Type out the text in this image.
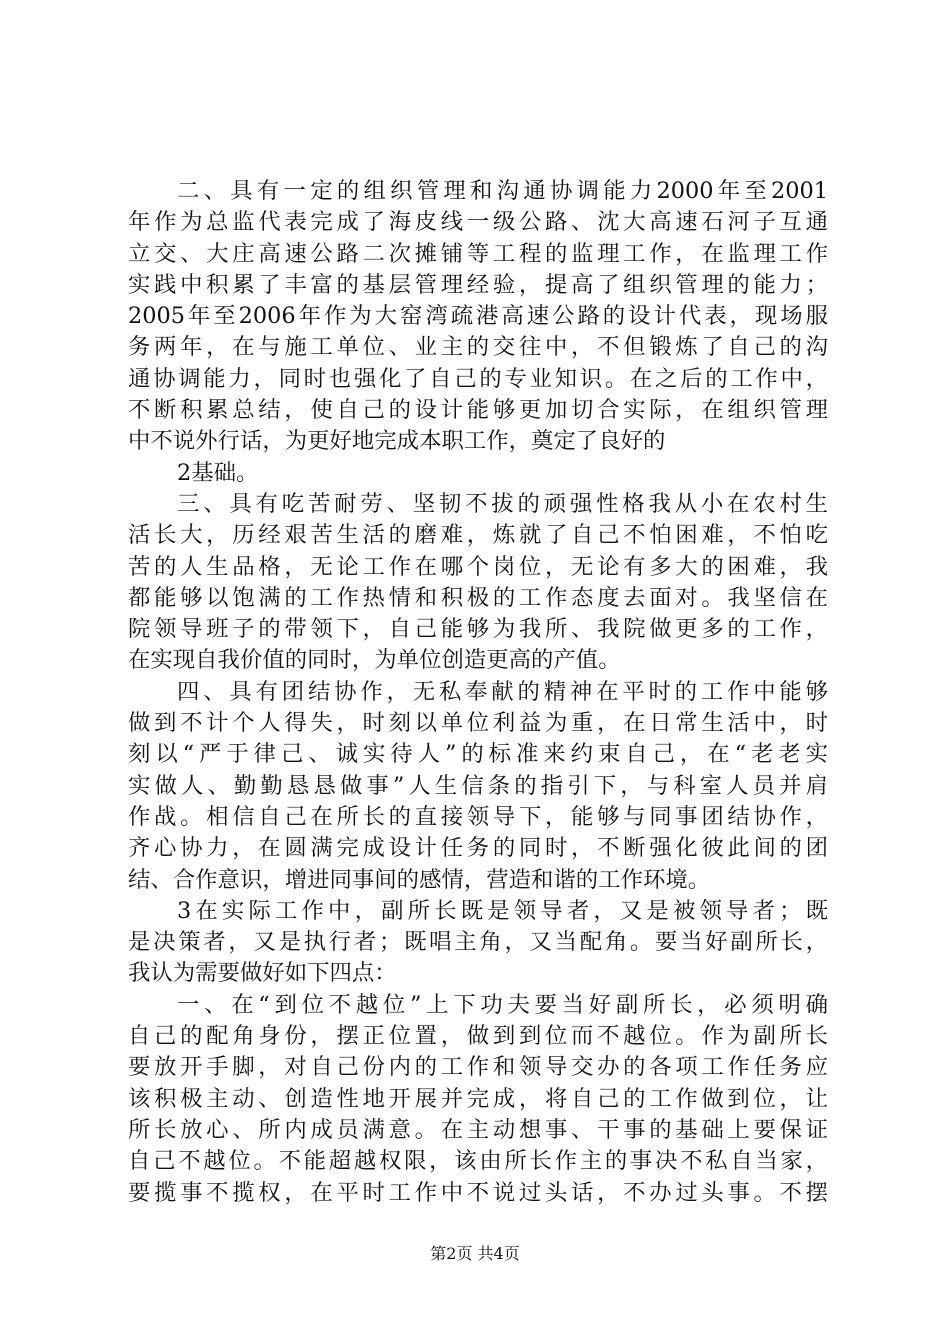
二、具有一定的组织管理和沟通协调能力2000年至2001
年作为总监代表完成了海皮线一级公路、沈大高速石河子互通
立交、大庄高速公路二次摊铺等工程的监理工作，在监理工作
实践中积累了丰富的基层管理经验，提高了组织管理的能力；
2005年至2006年作为大窑湾疏港高速公路的设计代表，现场服
务两年，在与施工单位、业主的交往中，不但锻炼了自己的沟
通协调能力，同时也强化了自己的专业知识。在之后的工作中，
不断积累总结，使自己的设计能够更加切合实际，在组织管理
中不说外行话，为更好地完成本职工作，奠定了良好的
2基础。
三、具有吃苦耐劳、坚韧不拔的顽强性格我从小在农村生
活长大，历经艰苦生活的磨难，炼就了自己不怕困难，不怕吃
苦的人生品格，无论工作在哪个岗位，无论有多大的困难，我
都能够以饱满的工作热情和积极的工作态度去面对。我坚信在
院领导班子的带领下，自己能够为我所、我院做更多的工作，
在实现自我价值的同时，为单位创造更高的产值。
四、具有团结协作，无私奉献的精神在平时的工作中能够
做到不计个人得失，时刻以单位利益为重，在日常生活中，时
刻以“严于律己、诚实待人”的标准来约束自己，在“老老实
实做人、勤勤恳恳做事”人生信条的指引下，与科室人员并肩
作战。相信自己在所长的直接领导下，能够与同事团结协作，
齐心协力，在圆满完成设计任务的同时，不断强化彼此间的团
结、合作意识，增进同事间的感情，营造和谐的工作环境。
3在实际工作中，副所长既是领导者，又是被领导者；既
是决策者，又是执行者；既唱主角，又当配角。要当好副所长，
我认为需要做好如下四点：
一、在“到位不越位”上下功夫要当好副所长，必须明确
自己的配角身份，摆正位置，做到到位而不越位。作为副所长
要放开手脚，对自己份内的工作和领导交办的各项工作任务应
该积极主动、创造性地开展并完成，将自己的工作做到位，让
所长放心、所内成员满意。在主动想事、干事的基础上要保证
自己不越位。不能超越权限，该由所长作主的事决不私自当家，
要揽事不揽权，在平时工作中不说过头话，不办过头事。不摆
第2页 共4页
